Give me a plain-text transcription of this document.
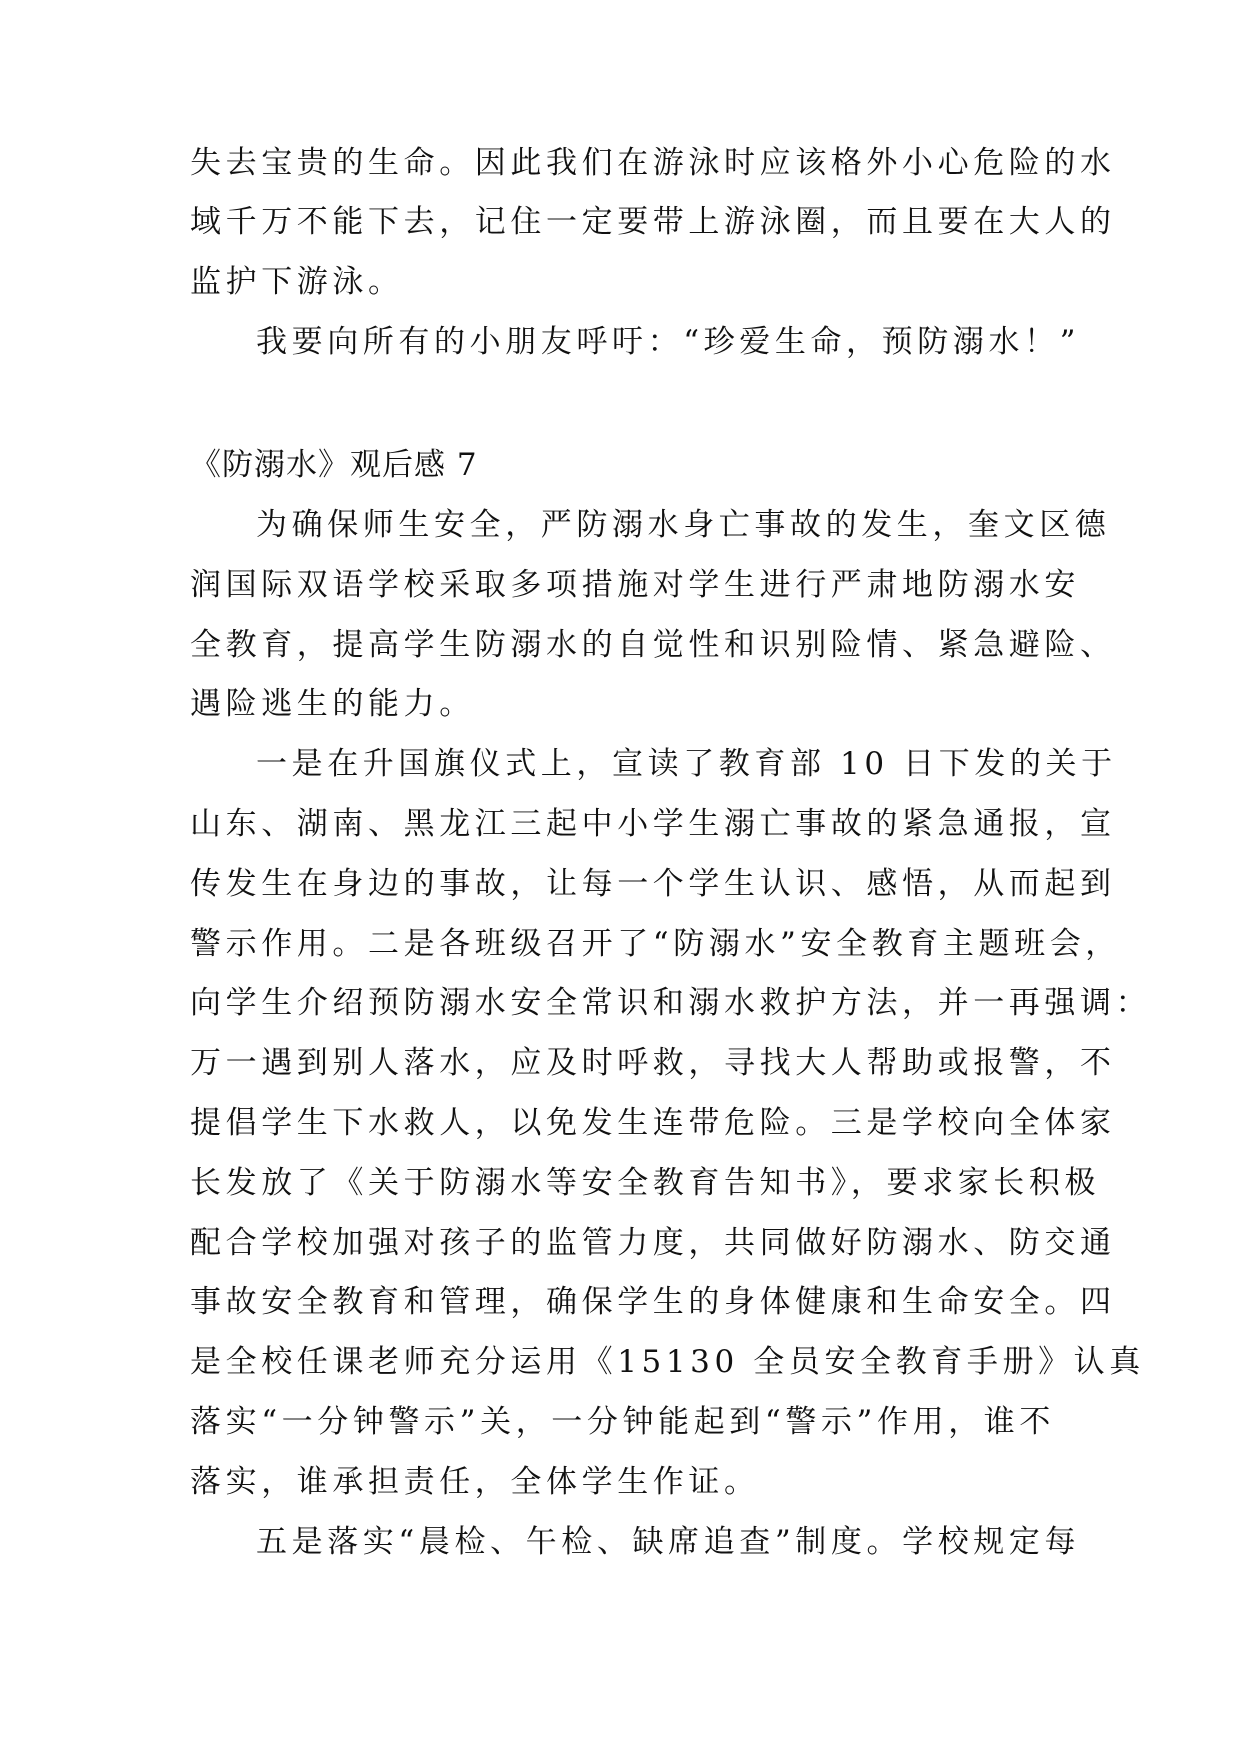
失去宝贵的生命。因此我们在游泳时应该格外小心危险的水
域千万不能下去，记住一定要带上游泳圈，而且要在大人的
监护下游泳。
我要向所有的小朋友呼吁：“珍爱生命，预防溺水！”
《防溺水》观后感 7
为确保师生安全，严防溺水身亡事故的发生，奎文区德
润国际双语学校采取多项措施对学生进行严肃地防溺水安
全教育，提高学生防溺水的自觉性和识别险情、紧急避险、
遇险逃生的能力。
一是在升国旗仪式上，宣读了教育部 10 日下发的关于
山东、湖南、黑龙江三起中小学生溺亡事故的紧急通报，宣
传发生在身边的事故，让每一个学生认识、感悟，从而起到
警示作用。二是各班级召开了“防溺水”安全教育主题班会，
向学生介绍预防溺水安全常识和溺水救护方法，并一再强调：
万一遇到别人落水，应及时呼救，寻找大人帮助或报警，不
提倡学生下水救人，以免发生连带危险。三是学校向全体家
长发放了《关于防溺水等安全教育告知书》，要求家长积极
配合学校加强对孩子的监管力度，共同做好防溺水、防交通
事故安全教育和管理，确保学生的身体健康和生命安全。四
是全校任课老师充分运用《15130 全员安全教育手册》认真
落实“一分钟警示”关，一分钟能起到“警示”作用，谁不
落实，谁承担责任，全体学生作证。
五是落实“晨检、午检、缺席追查”制度。学校规定每
